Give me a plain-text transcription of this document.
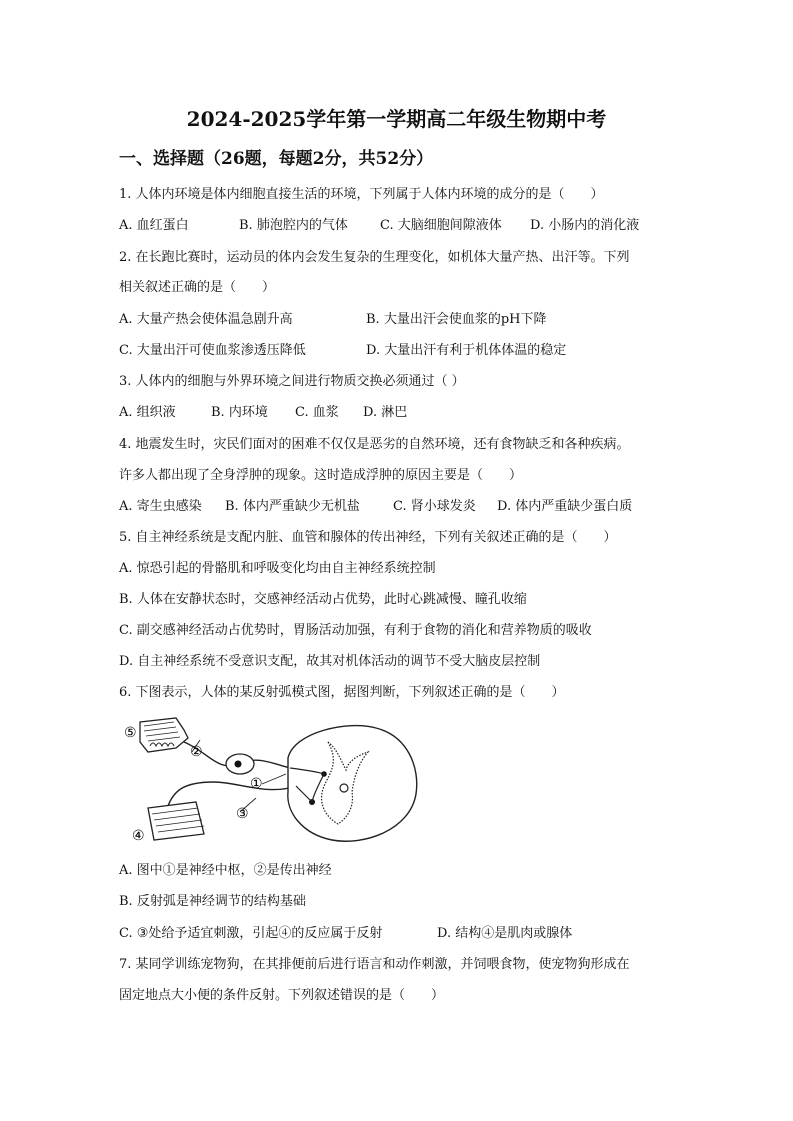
2024-2025学年第一学期高二年级生物期中考
一、选择题（26题，每题2分，共52分）
1. 人体内环境是体内细胞直接生活的环境，下列属于人体内环境的成分的是（　　）
A. 血红蛋白	B. 肺泡腔内的气体 C. 大脑细胞间隙液体 D. 小肠内的消化液
2. 在长跑比赛时，运动员的体内会发生复杂的生理变化，如机体大量产热、出汗等。下列
相关叙述正确的是（　　）
A. 大量产热会使体温急剧升高	B. 大量出汗会使血浆的pH下降
C. 大量出汗可使血浆渗透压降低	D. 大量出汗有利于机体体温的稳定
3. 人体内的细胞与外界环境之间进行物质交换必须通过（ ）
A. 组织液	B. 内环境 C. 血浆 D. 淋巴
4. 地震发生时，灾民们面对的困难不仅仅是恶劣的自然环境，还有食物缺乏和各种疾病。
许多人都出现了全身浮肿的现象。这时造成浮肿的原因主要是（　　）
A. 寄生虫感染 B. 体内严重缺少无机盐	C. 肾小球发炎 D. 体内严重缺少蛋白质
5. 自主神经系统是支配内脏、血管和腺体的传出神经，下列有关叙述正确的是（　　）
A. 惊恐引起的骨骼肌和呼吸变化均由自主神经系统控制
B. 人体在安静状态时，交感神经活动占优势，此时心跳减慢、瞳孔收缩
C. 副交感神经活动占优势时，胃肠活动加强，有利于食物的消化和营养物质的吸收
D. 自主神经系统不受意识支配，故其对机体活动的调节不受大脑皮层控制
6. 下图表示，人体的某反射弧模式图，据图判断，下列叙述正确的是（　　）
⑤
②
①
③
④
A. 图中①是神经中枢，②是传出神经
B. 反射弧是神经调节的结构基础
C. ③处给予适宜刺激，引起④的反应属于反射	D. 结构④是肌肉或腺体
7. 某同学训练宠物狗，在其排便前后进行语言和动作刺激，并饲喂食物，使宠物狗形成在
固定地点大小便的条件反射。下列叙述错误的是（　　）
